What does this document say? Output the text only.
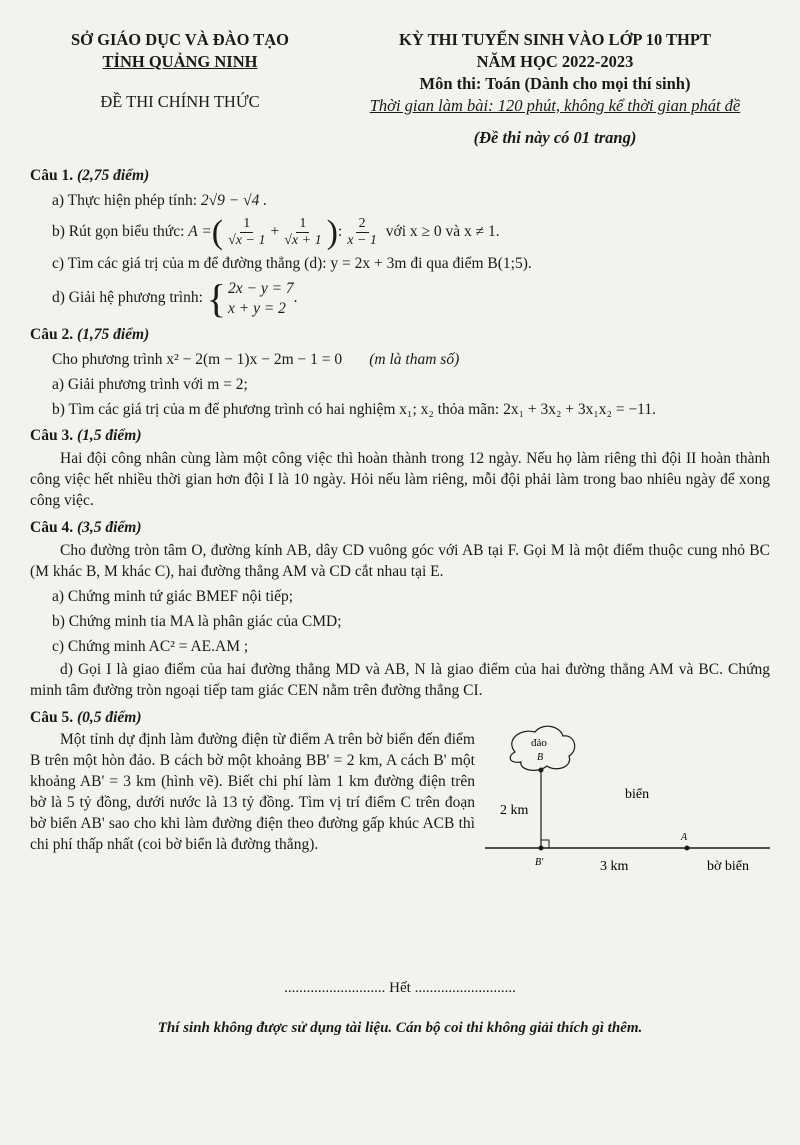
SỞ GIÁO DỤC VÀ ĐÀO TẠO
TỈNH QUẢNG NINH
ĐỀ THI CHÍNH THỨC
KỲ THI TUYỂN SINH VÀO LỚP 10 THPT
NĂM HỌC 2022-2023
Môn thi: Toán (Dành cho mọi thí sinh)
Thời gian làm bài: 120 phút, không kể thời gian phát đề
(Đề thi này có 01 trang)
Câu 1. (2,75 điểm)
a) Thực hiện phép tính: 2√9 − √4 .
b) Rút gọn biểu thức:
A = ( $\frac{1}{√x - 1} + \frac{1}{√x + 1}$ ) : $\frac{2}{x - 1}$
với x ≥ 0 và x ≠ 1.
c) Tìm các giá trị của m để đường thẳng (d): y = 2x + 3m đi qua điểm B(1;5).
d) Giải hệ phương trình:
{ 2x − y = 7
x + y = 2
.
Câu 2. (1,75 điểm)
Cho phương trình x² − 2(m − 1)x − 2m − 1 = 0 (m là tham số)
a) Giải phương trình với m = 2;
b) Tìm các giá trị của m để phương trình có hai nghiệm x₁; x₂ thỏa mãn: 2x₁ + 3x₂ + 3x₁x₂ = −11.
Câu 3. (1,5 điểm)
Hai đội công nhân cùng làm một công việc thì hoàn thành trong 12 ngày. Nếu họ làm riêng thì đội II hoàn thành công việc hết nhiều thời gian hơn đội I là 10 ngày. Hỏi nếu làm riêng, mỗi đội phải làm trong bao nhiêu ngày để xong công việc.
Câu 4. (3,5 điểm)
Cho đường tròn tâm O, đường kính AB, dây CD vuông góc với AB tại F. Gọi M là một điểm thuộc cung nhỏ BC (M khác B, M khác C), hai đường thẳng AM và CD cắt nhau tại E.
a) Chứng minh tứ giác BMEF nội tiếp;
b) Chứng minh tia MA là phân giác của CMD;
c) Chứng minh AC² = AE.AM ;
d) Gọi I là giao điểm của hai đường thẳng MD và AB, N là giao điểm của hai đường thẳng AM và BC. Chứng minh tâm đường tròn ngoại tiếp tam giác CEN nằm trên đường thẳng CI.
Câu 5. (0,5 điểm)
Một tỉnh dự định làm đường điện từ điểm A trên bờ biển đến điểm B trên một hòn đảo. B cách bờ một khoảng BB' = 2 km, A cách B' một khoảng AB' = 3 km (hình vẽ). Biết chi phí làm 1 km đường điện trên bờ là 5 tỷ đồng, dưới nước là 13 tỷ đồng. Tìm vị trí điểm C trên đoạn bờ biển AB' sao cho khi làm đường điện theo đường gấp khúc ACB thì chi phí thấp nhất (coi bờ biển là đường thẳng).
đảo
B
biển
2 km
B'	3 km
A
bờ biển
........................... Hết ...........................
Thí sinh không được sử dụng tài liệu. Cán bộ coi thi không giải thích gì thêm.
